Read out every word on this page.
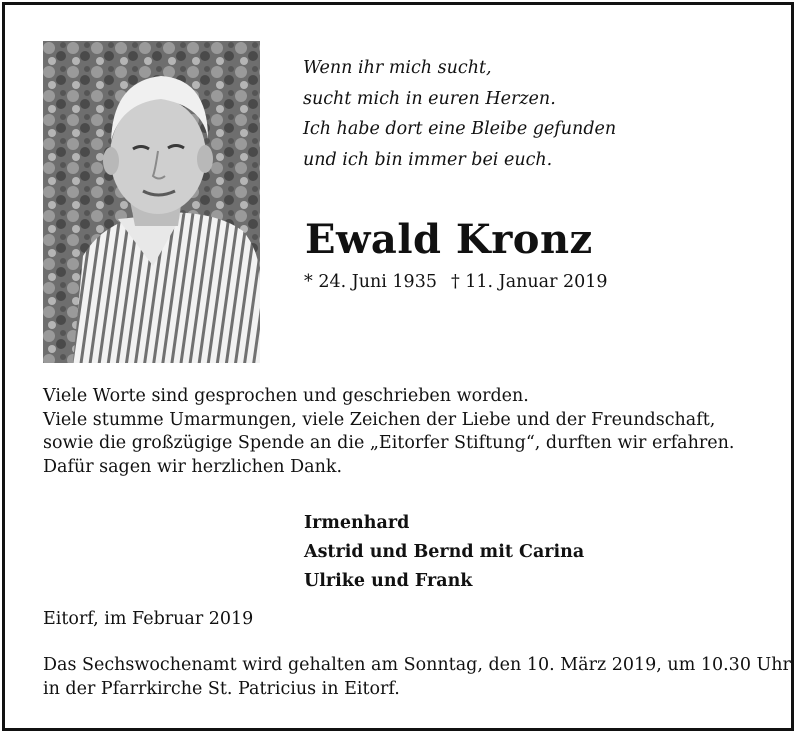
Wenn ihr mich sucht,
sucht mich in euren Herzen.
Ich habe dort eine Bleibe gefunden
und ich bin immer bei euch.
Ewald Kronz
* 24. Juni 1935 † 11. Januar 2019
Viele Worte sind gesprochen und geschrieben worden.
Viele stumme Umarmungen, viele Zeichen der Liebe und der Freundschaft,
sowie die großzügige Spende an die „Eitorfer Stiftung“, durften wir erfahren.
Dafür sagen wir herzlichen Dank.
Irmenhard
Astrid und Bernd mit Carina
Ulrike und Frank
Eitorf, im Februar 2019
Das Sechswochenamt wird gehalten am Sonntag, den 10. März 2019, um 10.30 Uhr
in der Pfarrkirche St. Patricius in Eitorf.
